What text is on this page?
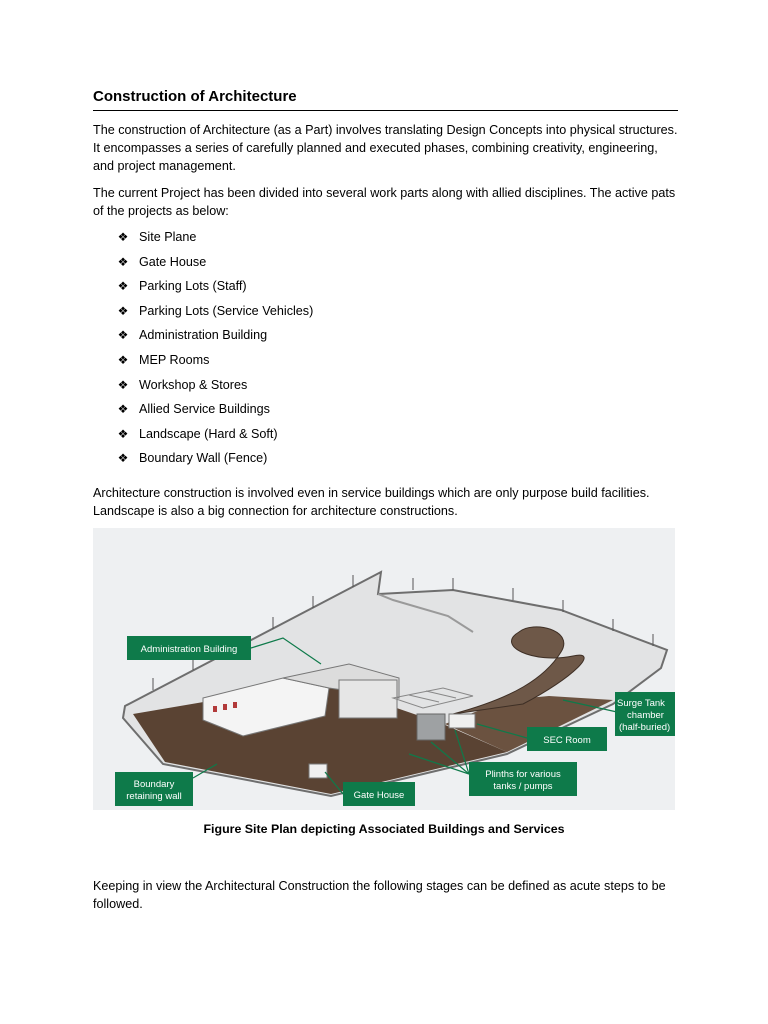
Construction of Architecture

The construction of Architecture (as a Part) involves translating Design Concepts into physical structures. It encompasses a series of carefully planned and executed phases, combining creativity, engineering, and project management.

The current Project has been divided into several work parts along with allied disciplines. The active pats of the projects as below:

❖ Site Plane
❖ Gate House
❖ Parking Lots (Staff)
❖ Parking Lots (Service Vehicles)
❖ Administration Building
❖ MEP Rooms
❖ Workshop & Stores
❖ Allied Service Buildings
❖ Landscape (Hard & Soft)
❖ Boundary Wall (Fence)

Architecture construction is involved even in service buildings which are only purpose build facilities. Landscape is also a big connection for architecture constructions.

Administration Building
Boundary
retaining wall	Gate House
Plinths for various
tanks / pumps
SEC Room
Surge Tank
chamber
(half-buried)

Figure Site Plan depicting Associated Buildings and Services

Keeping in view the Architectural Construction the following stages can be defined as acute steps to be followed.
